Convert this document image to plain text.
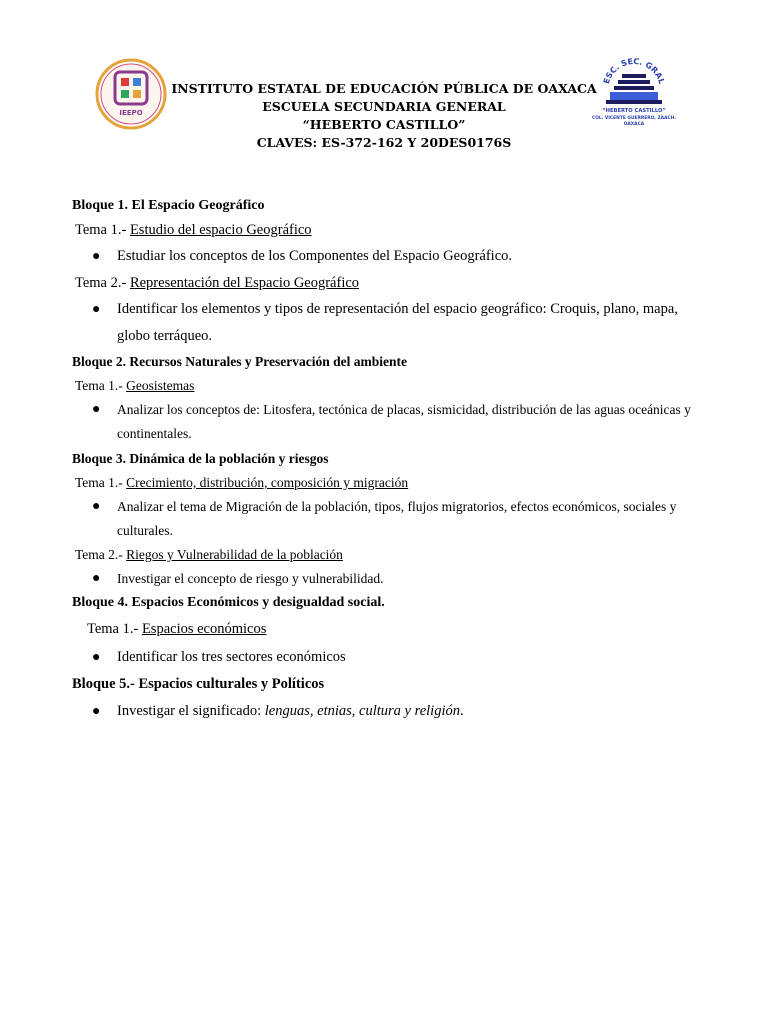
IEEPO
ESC. SEC. GRAL
“HEBERTO CASTILLO”
COL. VICENTE GUERRERO, ZAACH.
OAXACA
INSTITUTO ESTATAL DE EDUCACIÓN PÚBLICA DE OAXACA
ESCUELA SECUNDARIA GENERAL
“HEBERTO CASTILLO”
CLAVES: ES-372-162 Y 20DES0176S

Bloque 1. El Espacio Geográfico

Tema 1.- Estudio del espacio Geográfico

● Estudiar los conceptos de los Componentes del Espacio Geográfico.

Tema 2.- Representación del Espacio Geográfico

● Identificar los elementos y tipos de representación del espacio geográfico: Croquis, plano, mapa, globo terráqueo.

Bloque 2. Recursos Naturales y Preservación del ambiente

Tema 1.- Geosistemas

● Analizar los conceptos de: Litosfera, tectónica de placas, sismicidad, distribución de las aguas oceánicas y continentales.

Bloque 3. Dinámica de la población y riesgos

Tema 1.- Crecimiento, distribución, composición y migración

● Analizar el tema de Migración de la población, tipos, flujos migratorios, efectos económicos, sociales y culturales.

Tema 2.- Riegos y Vulnerabilidad de la población

● Investigar el concepto de riesgo y vulnerabilidad.

Bloque 4. Espacios Económicos y desigualdad social.

Tema 1.- Espacios económicos

● Identificar los tres sectores económicos

Bloque 5.- Espacios culturales y Políticos

● Investigar el significado: lenguas, etnias, cultura y religión.
